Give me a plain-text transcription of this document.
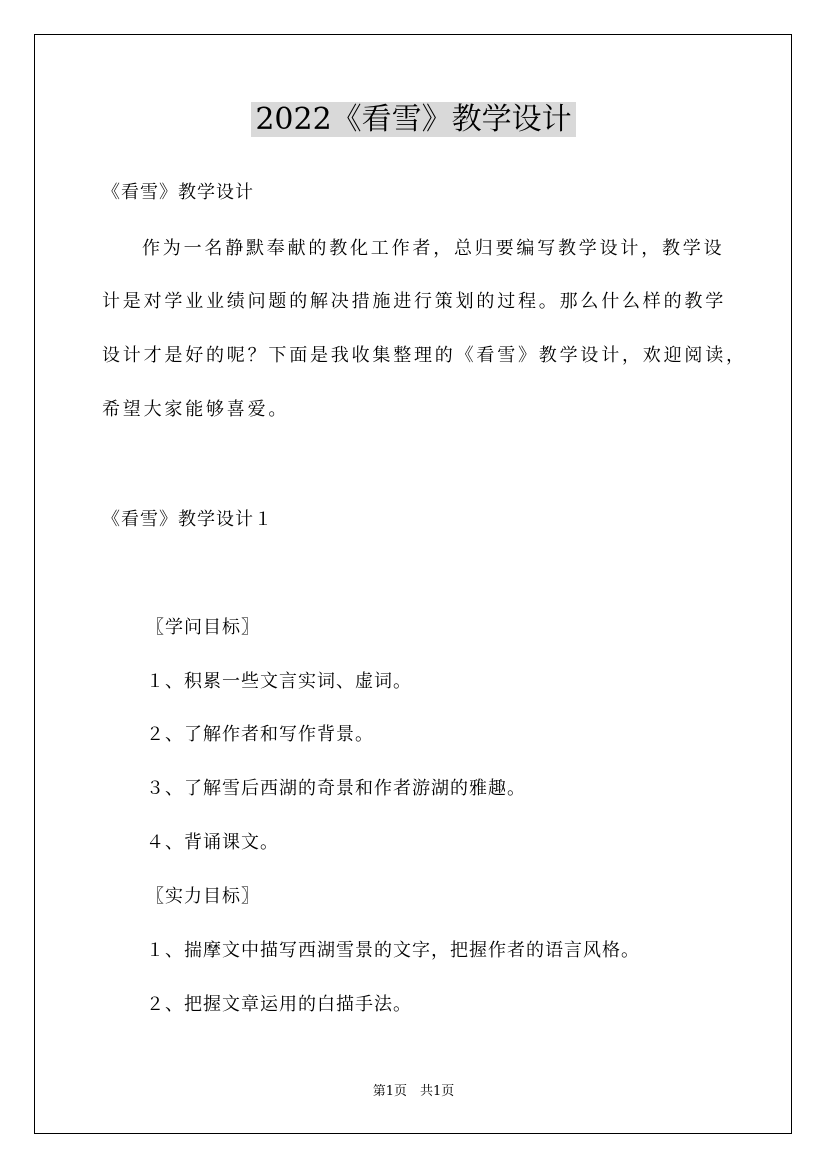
2022《看雪》教学设计
《看雪》教学设计
作为一名静默奉献的教化工作者，总归要编写教学设计，教学设
计是对学业业绩问题的解决措施进行策划的过程。那么什么样的教学
设计才是好的呢？下面是我收集整理的《看雪》教学设计，欢迎阅读，
希望大家能够喜爱。
《看雪》教学设计１
〖学问目标〗
１、积累一些文言实词、虚词。
２、了解作者和写作背景。
３、了解雪后西湖的奇景和作者游湖的雅趣。
４、背诵课文。
〖实力目标〗
１、揣摩文中描写西湖雪景的文字，把握作者的语言风格。
２、把握文章运用的白描手法。
第1页　共1页
